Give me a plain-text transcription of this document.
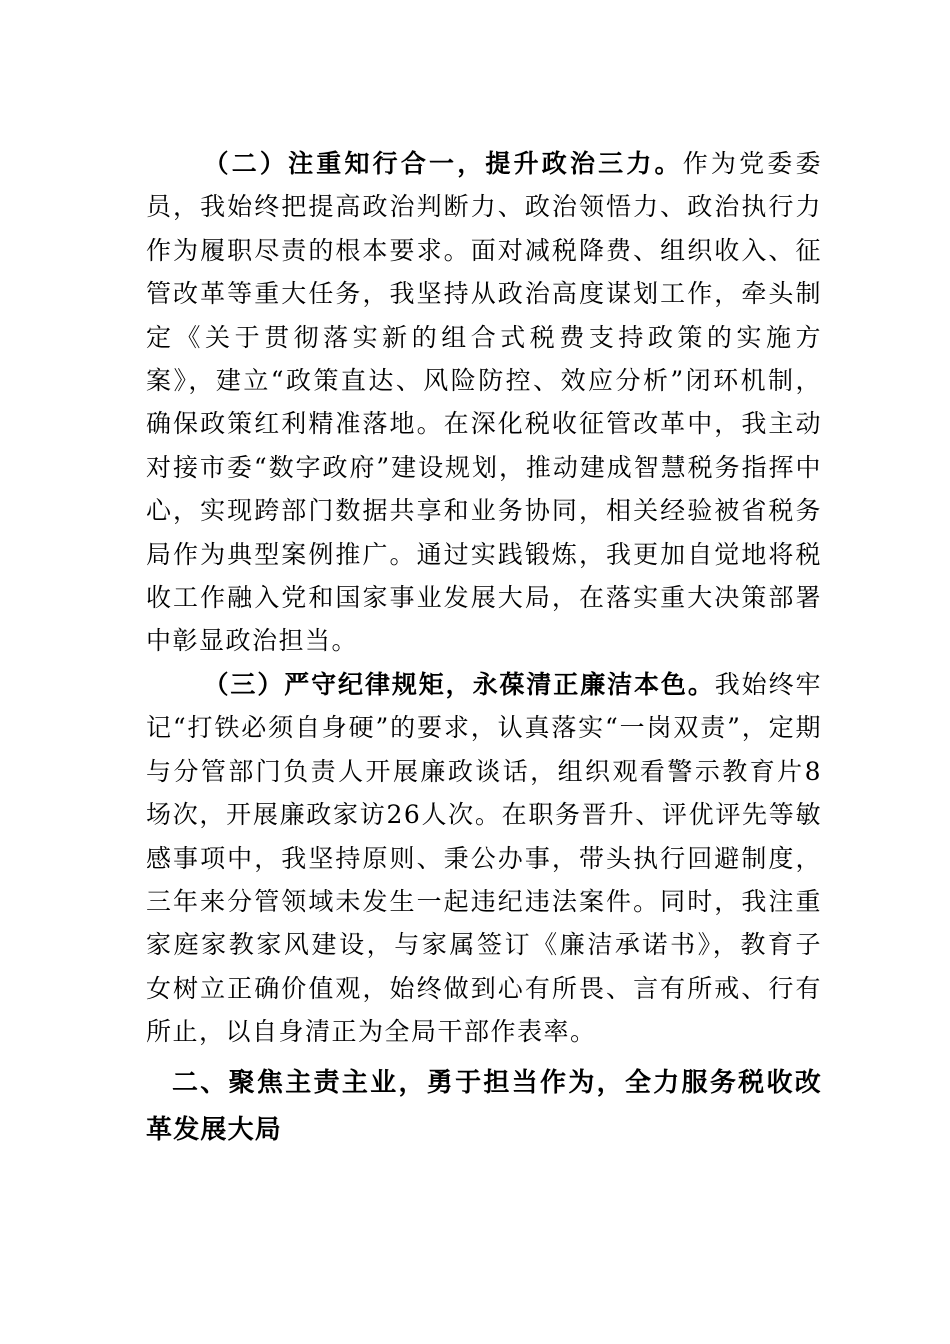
（二）注重知行合一，提升政治三力。作为党委委员，我始终把提高政治判断力、政治领悟力、政治执行力作为履职尽责的根本要求。面对减税降费、组织收入、征管改革等重大任务，我坚持从政治高度谋划工作，牵头制定《关于贯彻落实新的组合式税费支持政策的实施方案》，建立“政策直达、风险防控、效应分析”闭环机制，确保政策红利精准落地。在深化税收征管改革中，我主动对接市委“数字政府”建设规划，推动建成智慧税务指挥中心，实现跨部门数据共享和业务协同，相关经验被省税务局作为典型案例推广。通过实践锻炼，我更加自觉地将税收工作融入党和国家事业发展大局，在落实重大决策部署中彰显政治担当。

（三）严守纪律规矩，永葆清正廉洁本色。我始终牢记“打铁必须自身硬”的要求，认真落实“一岗双责”，定期与分管部门负责人开展廉政谈话，组织观看警示教育片8场次，开展廉政家访26人次。在职务晋升、评优评先等敏感事项中，我坚持原则、秉公办事，带头执行回避制度，三年来分管领域未发生一起违纪违法案件。同时，我注重家庭家教家风建设，与家属签订《廉洁承诺书》，教育子女树立正确价值观，始终做到心有所畏、言有所戒、行有所止，以自身清正为全局干部作表率。

二、聚焦主责主业，勇于担当作为，全力服务税收改革发展大局
